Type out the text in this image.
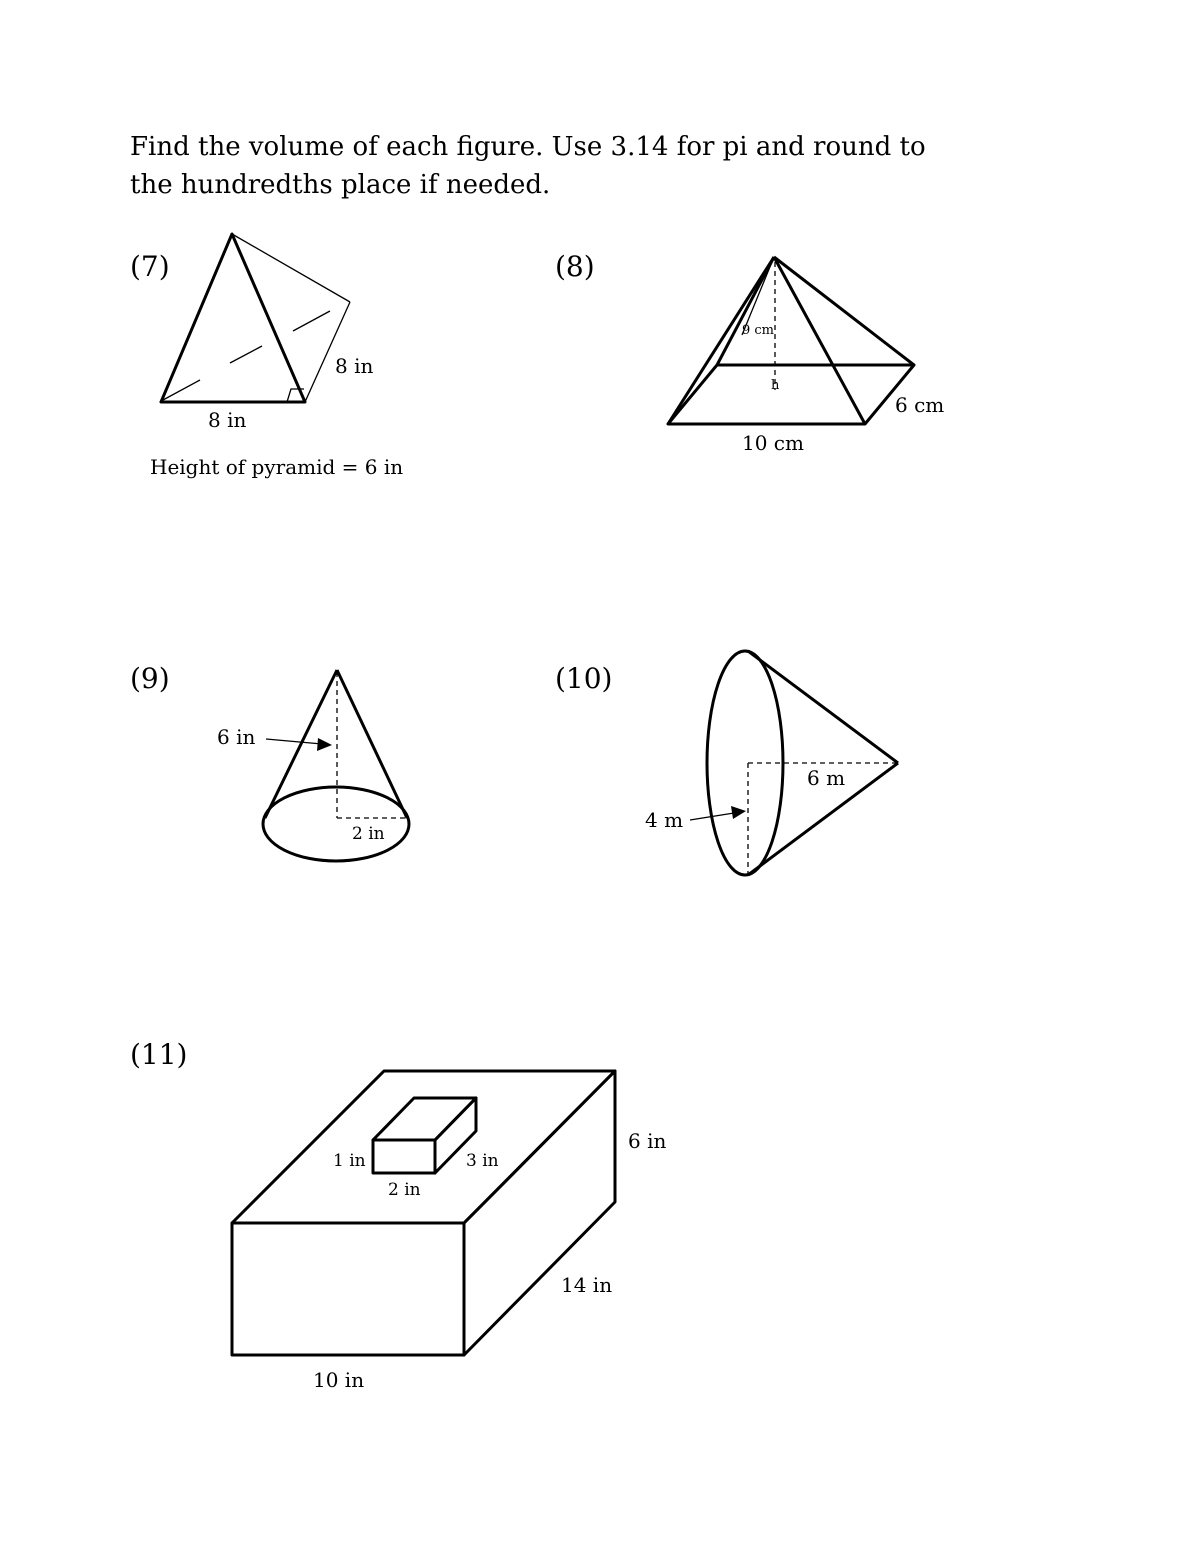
Find the volume of each figure. Use 3.14 for pi and round to
the hundredths place if needed.

(7)
8 in
8 in
Height of pyramid = 6 in
(8)
9 cm
h
6 cm
10 cm
(9)
6 in
2 in
(10)
6 m
4 m
(11)
6 in
14 in
10 in
1 in	3 in
2 in
